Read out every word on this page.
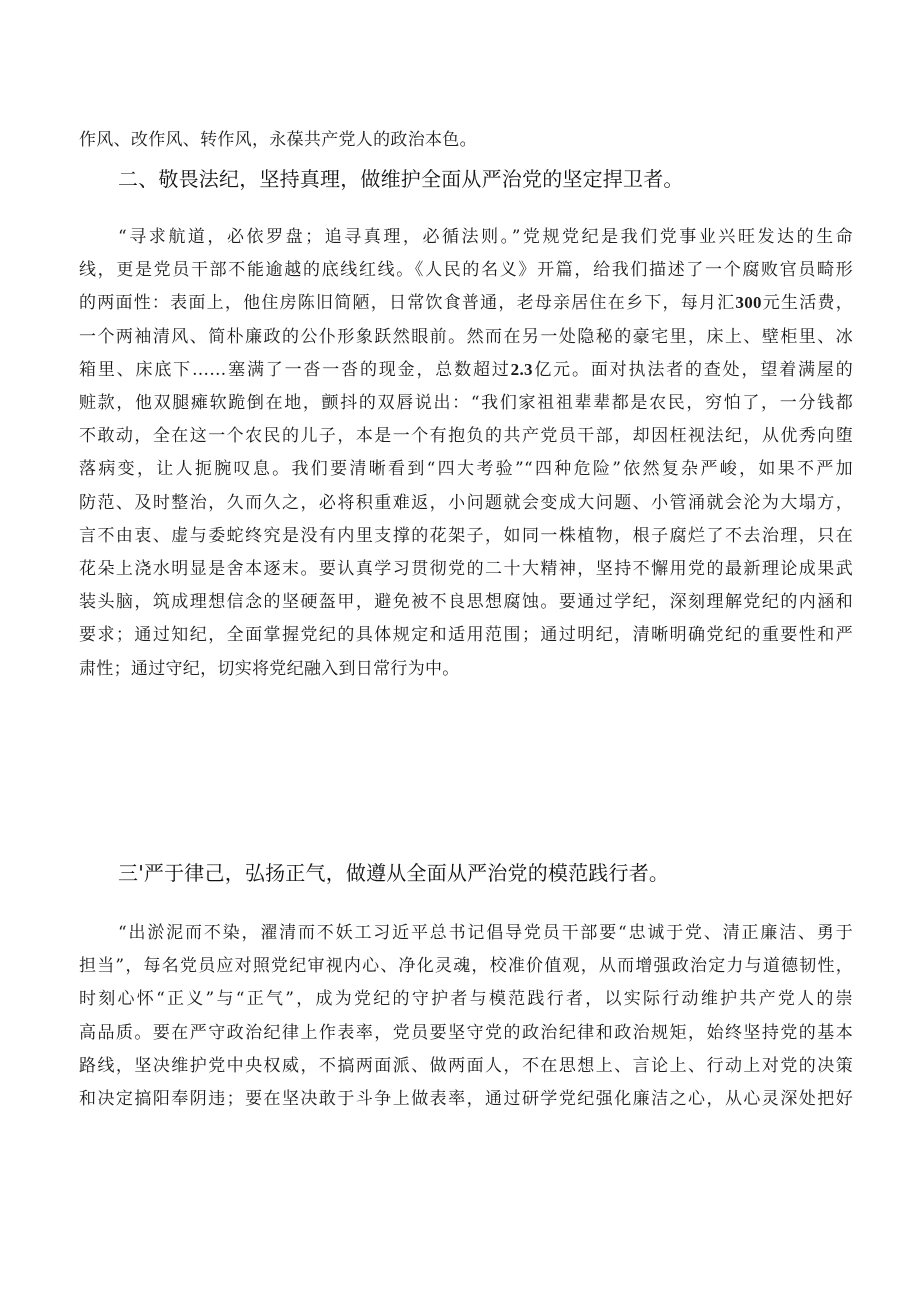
作风、改作风、转作风，永葆共产党人的政治本色。

二、敬畏法纪，坚持真理，做维护全面从严治党的坚定捍卫者。

“寻求航道，必依罗盘；追寻真理，必循法则。”党规党纪是我们党事业兴旺发达的生命

线，更是党员干部不能逾越的底线红线。《人民的名义》开篇，给我们描述了一个腐败官员畸形

的两面性：表面上，他住房陈旧简陋，日常饮食普通，老母亲居住在乡下，每月汇300元生活费，

一个两袖清风、简朴廉政的公仆形象跃然眼前。然而在另一处隐秘的豪宅里，床上、壁柜里、冰

箱里、床底下……塞满了一沓一沓的现金，总数超过2.3亿元。面对执法者的查处，望着满屋的

赃款，他双腿瘫软跪倒在地，颤抖的双唇说出：“我们家祖祖辈辈都是农民，穷怕了，一分钱都

不敢动，全在这一个农民的儿子，本是一个有抱负的共产党员干部，却因枉视法纪，从优秀向堕

落病变，让人扼腕叹息。我们要清晰看到“四大考验”“四种危险”依然复杂严峻，如果不严加

防范、及时整治，久而久之，必将积重难返，小问题就会变成大问题、小管涌就会沦为大塌方，

言不由衷、虚与委蛇终究是没有内里支撑的花架子，如同一株植物，根子腐烂了不去治理，只在

花朵上浇水明显是舍本逐末。要认真学习贯彻党的二十大精神，坚持不懈用党的最新理论成果武

装头脑，筑成理想信念的坚硬盔甲，避免被不良思想腐蚀。要通过学纪，深刻理解党纪的内涵和

要求；通过知纪，全面掌握党纪的具体规定和适用范围；通过明纪，清晰明确党纪的重要性和严

肃性；通过守纪，切实将党纪融入到日常行为中。

三'严于律己，弘扬正气，做遵从全面从严治党的模范践行者。

“出淤泥而不染，濯清而不妖工习近平总书记倡导党员干部要“忠诚于党、清正廉洁、勇于

担当”，每名党员应对照党纪审视内心、净化灵魂，校准价值观，从而增强政治定力与道德韧性，

时刻心怀“正义”与“正气”，成为党纪的守护者与模范践行者，以实际行动维护共产党人的崇

高品质。要在严守政治纪律上作表率，党员要坚守党的政治纪律和政治规矩，始终坚持党的基本

路线，坚决维护党中央权威，不搞两面派、做两面人，不在思想上、言论上、行动上对党的决策

和决定搞阳奉阴违；要在坚决敢于斗争上做表率，通过研学党纪强化廉洁之心，从心灵深处把好
